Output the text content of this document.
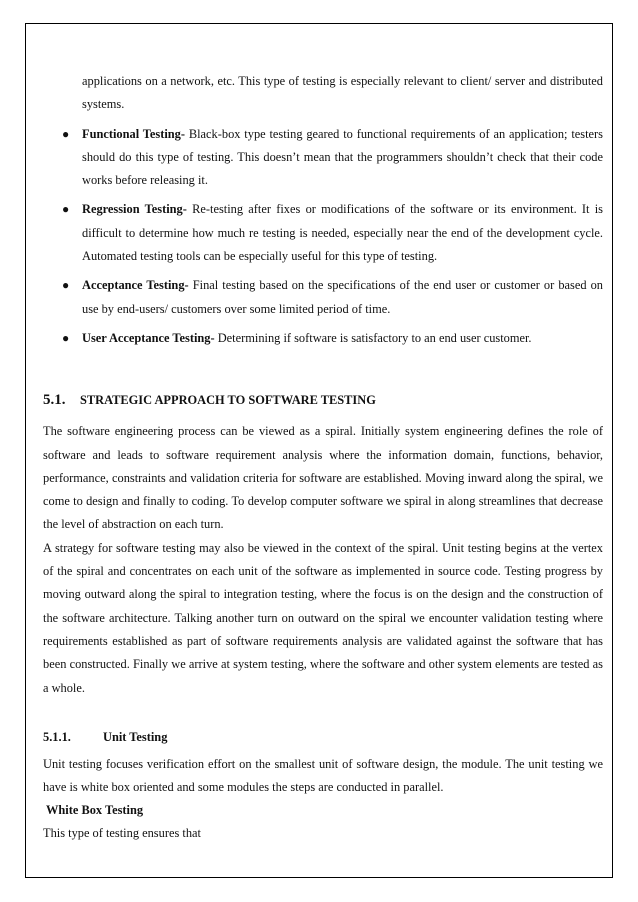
applications on a network, etc. This type of testing is especially relevant to client/ server and distributed systems.

● Functional Testing- Black-box type testing geared to functional requirements of an application; testers should do this type of testing. This doesn’t mean that the programmers shouldn’t check that their code works before releasing it.
● Regression Testing- Re-testing after fixes or modifications of the software or its environment. It is difficult to determine how much re testing is needed, especially near the end of the development cycle. Automated testing tools can be especially useful for this type of testing.
● Acceptance Testing- Final testing based on the specifications of the end user or customer or based on use by end-users/ customers over some limited period of time.
● User Acceptance Testing- Determining if software is satisfactory to an end user customer.
5.1. STRATEGIC APPROACH TO SOFTWARE TESTING

The software engineering process can be viewed as a spiral. Initially system engineering defines the role of software and leads to software requirement analysis where the information domain, functions, behavior, performance, constraints and validation criteria for software are established. Moving inward along the spiral, we come to design and finally to coding. To develop computer software we spiral in along streamlines that decrease the level of abstraction on each turn.

A strategy for software testing may also be viewed in the context of the spiral. Unit testing begins at the vertex of the spiral and concentrates on each unit of the software as implemented in source code. Testing progress by moving outward along the spiral to integration testing, where the focus is on the design and the construction of the software architecture. Talking another turn on outward on the spiral we encounter validation testing where requirements established as part of software requirements analysis are validated against the software that has been constructed. Finally we arrive at system testing, where the software and other system elements are tested as a whole.

5.1.1.	Unit Testing

Unit testing focuses verification effort on the smallest unit of software design, the module. The unit testing we have is white box oriented and some modules the steps are conducted in parallel.

White Box Testing

This type of testing ensures that
